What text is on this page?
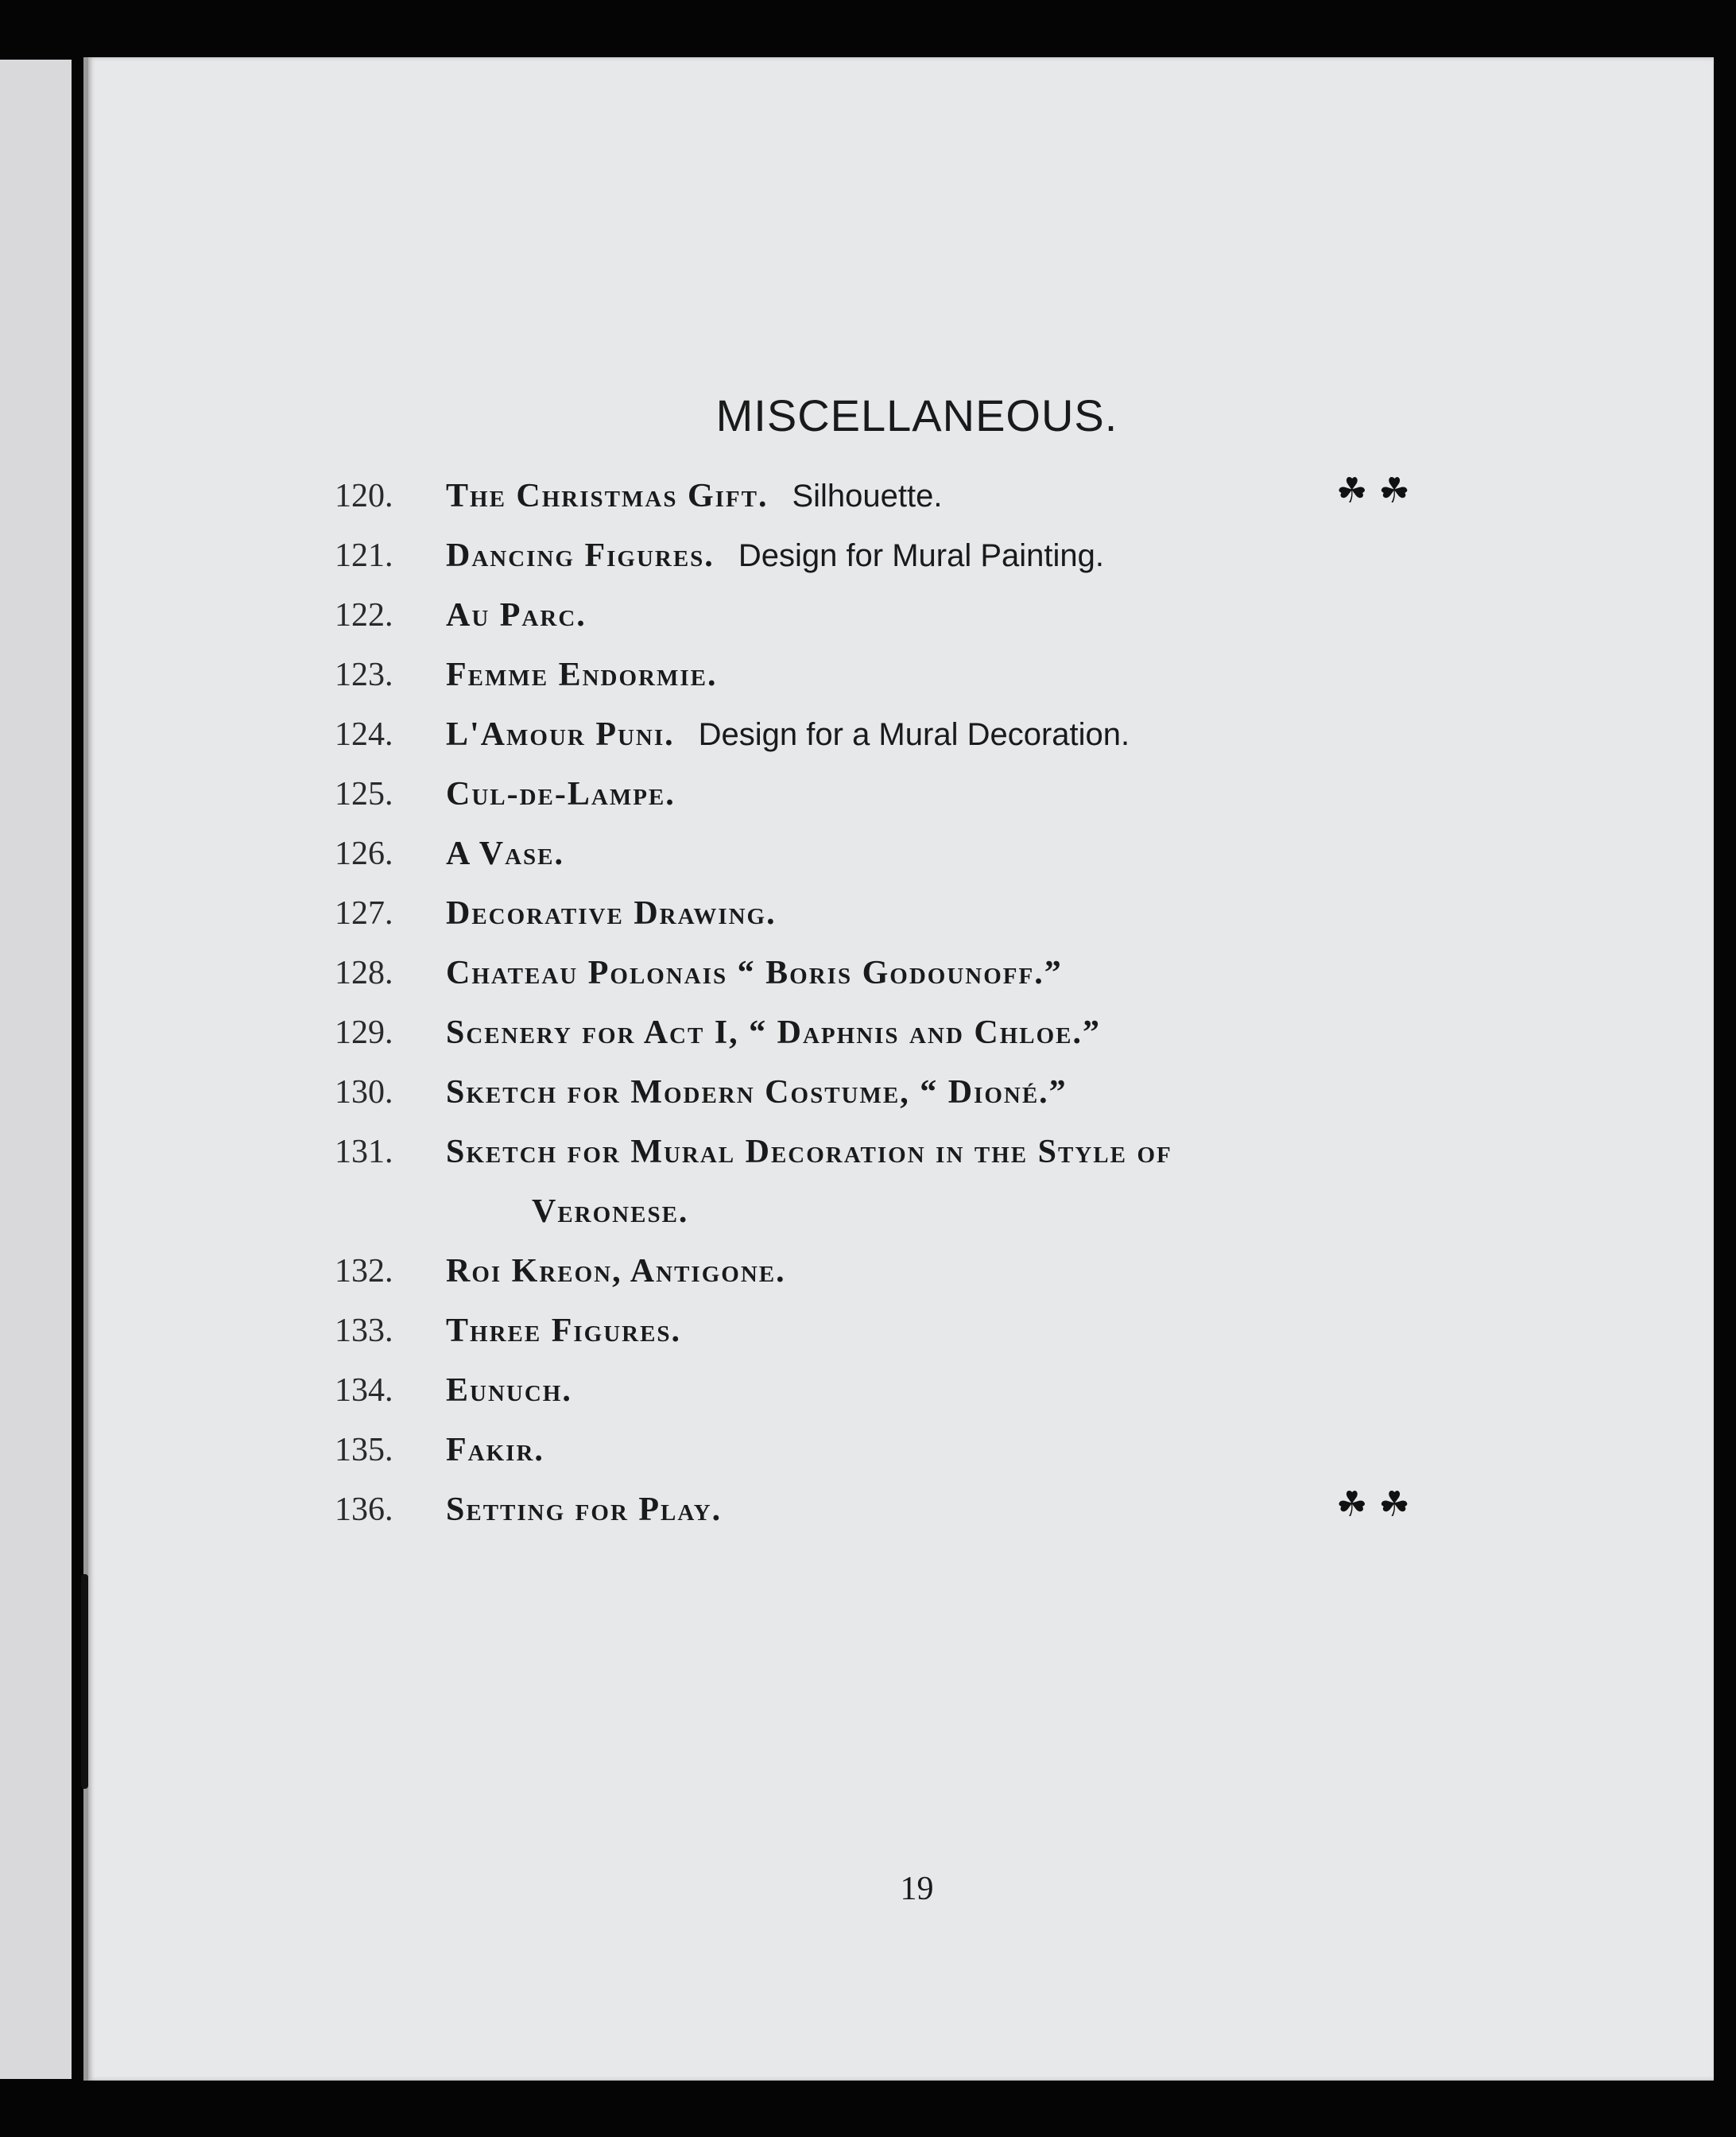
MISCELLANEOUS.
120. The Christmas Gift. Silhouette.
121. Dancing Figures. Design for Mural Painting.
122. Au Parc.
123. Femme Endormie.
124. L'Amour Puni. Design for a Mural Decoration.
125. Cul-de-Lampe.
126. A Vase.
127. Decorative Drawing.
128. Chateau Polonais “ Boris Godounoff.”
129. Scenery for Act I, “ Daphnis and Chloe.”
130. Sketch for Modern Costume, “ Dioné.”
131. Sketch for Mural Decoration in the Style of
Veronese.
132. Roi Kreon, Antigone.
133. Three Figures.
134. Eunuch.
135. Fakir.
136. Setting for Play.
☘ ☘
☘ ☘
19
